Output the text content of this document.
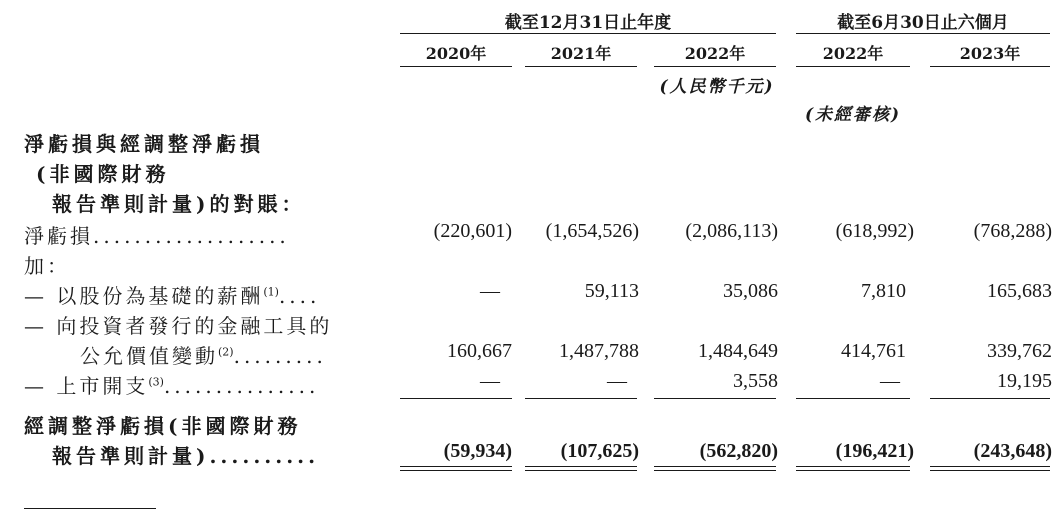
截至12月31日止年度	截至6月30日止六個月
2020年	2021年	2022年	2022年	2023年
(人民幣千元)
(未經審核)
淨虧損與經調整淨虧損
(非國際財務
報告準則計量)的對賬：
淨虧損...................	(220,601)	(1,654,526)	(2,086,113)	(618,992)	(768,288)
加：
— 以股份為基礎的薪酬$^{(1)}$....	—	59,113	35,086	7,810	165,683
— 向投資者發行的金融工具的
公允價值變動$^{(2)}$.........	160,667	1,487,788	1,484,649	414,761	339,762
— 上市開支$^{(3)}$...............	—	—	3,558	—	19,195
經調整淨虧損(非國際財務
報告準則計量)..........	(59,934)	(107,625)	(562,820)	(196,421)	(243,648)
